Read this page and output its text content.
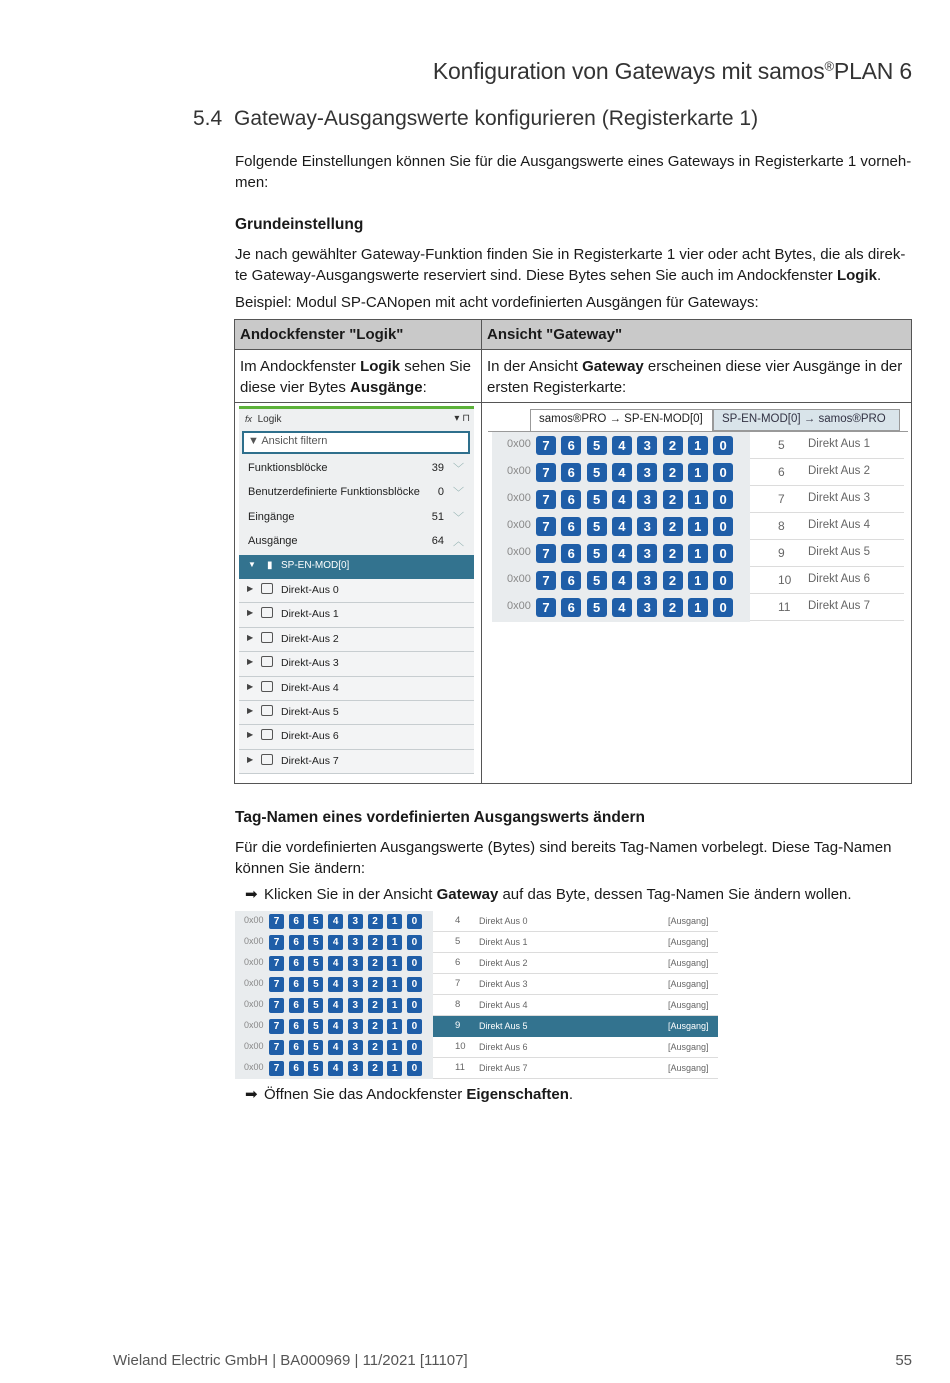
Konfiguration von Gateways mit samos®PLAN 6
5.4 Gateway-Ausgangswerte konfigurieren (Registerkarte 1)
Folgende Einstellungen können Sie für die Ausgangswerte eines Gateways in Registerkarte 1 vorneh-
men:
Grundeinstellung
Je nach gewählter Gateway-Funktion finden Sie in Registerkarte 1 vier oder acht Bytes, die als direk-
te Gateway-Ausgangswerte reserviert sind. Diese Bytes sehen Sie auch im Andockfenster Logik.
Beispiel: Modul SP-CANopen mit acht vordefinierten Ausgängen für Gateways:
Andockfenster "Logik"	Ansicht "Gateway"
Im Andockfenster Logik sehen Sie
diese vier Bytes Ausgänge:
In der Ansicht Gateway erscheinen diese vier Ausgänge in der
ersten Registerkarte:
fx Logik	▾ ⊓
▼ Ansicht filtern
Funktionsblöcke	39 ﹀
Benutzerdefinierte Funktionsblöcke 0 ﹀
Eingänge	51 ﹀
Ausgänge	64 ︿
▼ ▮ SP-EN-MOD[0]
▶	Direkt-Aus 0
▶	Direkt-Aus 1
▶	Direkt-Aus 2
▶	Direkt-Aus 3
▶	Direkt-Aus 4
▶	Direkt-Aus 5
▶	Direkt-Aus 6
▶	Direkt-Aus 7
samos®PRO → SP-EN-MOD[0]	SP-EN-MOD[0] → samos®PRO
0x00 7	6	5	4	3	2	1	0	5 Direkt Aus 1
0x00 7	6	5	4	3	2	1	0	6 Direkt Aus 2
0x00 7	6	5	4	3	2	1	0	7 Direkt Aus 3
0x00 7	6	5	4	3	2	1	0	8 Direkt Aus 4
0x00 7	6	5	4	3	2	1	0	9 Direkt Aus 5
0x00 7	6	5	4	3	2	1	0	10 Direkt Aus 6
0x00 7	6	5	4	3	2	1	0	11 Direkt Aus 7
Tag-Namen eines vordefinierten Ausgangswerts ändern
Für die vordefinierten Ausgangswerte (Bytes) sind bereits Tag-Namen vorbelegt. Diese Tag-Namen
können Sie ändern:
➡ Klicken Sie in der Ansicht Gateway auf das Byte, dessen Tag-Namen Sie ändern wollen.
0x00	7	6	5	4	3	2	1	0	4 Direkt Aus 0	[Ausgang]
0x00	7	6	5	4	3	2	1	0	5 Direkt Aus 1	[Ausgang]
0x00	7	6	5	4	3	2	1	0	6 Direkt Aus 2	[Ausgang]
0x00	7	6	5	4	3	2	1	0	7 Direkt Aus 3	[Ausgang]
0x00	7	6	5	4	3	2	1	0	8 Direkt Aus 4	[Ausgang]
0x00	7	6	5	4	3	2	1	0	9 Direkt Aus 5	[Ausgang]
0x00	7	6	5	4	3	2	1	0	10 Direkt Aus 6	[Ausgang]
0x00	7	6	5	4	3	2	1	0	11 Direkt Aus 7	[Ausgang]
➡ Öffnen Sie das Andockfenster Eigenschaften.
Wieland Electric GmbH | BA000969 | 11/2021 [11107]	55
